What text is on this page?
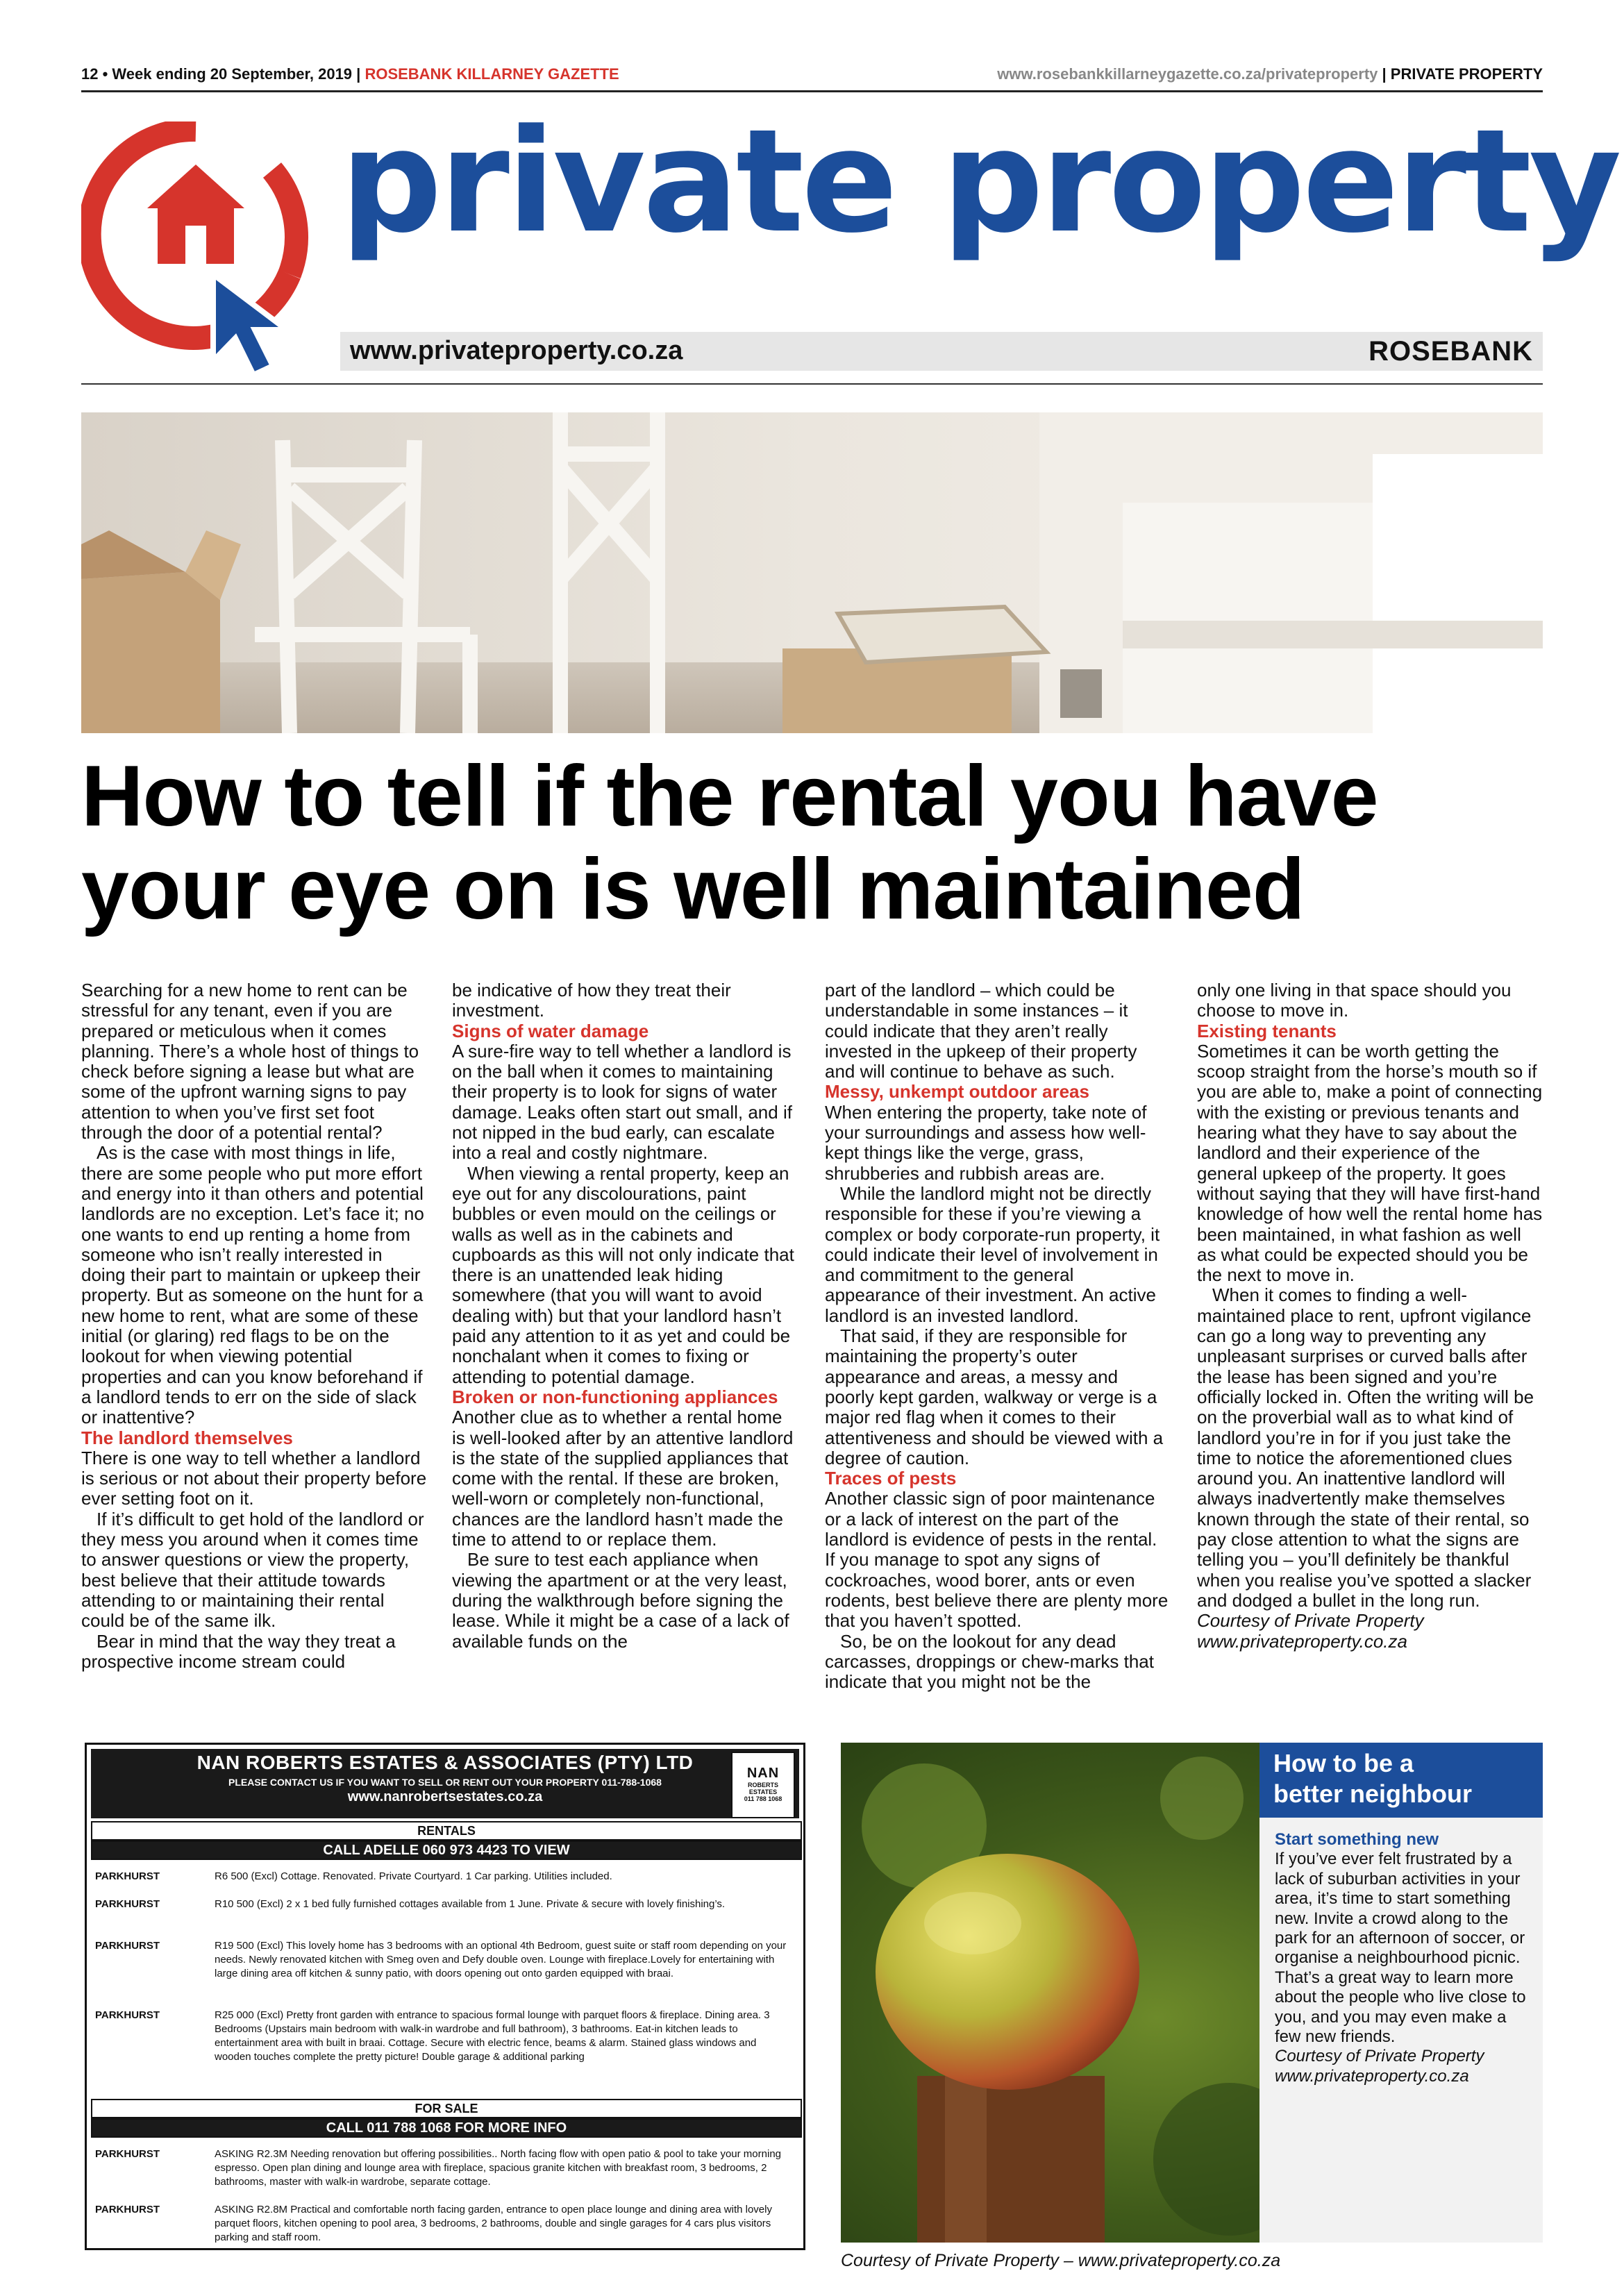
12 • Week ending 20 September, 2019 | ROSEBANK KILLARNEY GAZETTE	www.rosebankkillarneygazette.co.za/privateproperty | PRIVATE PROPERTY
private property
www.privateproperty.co.za	ROSEBANK
How to tell if the rental you have
your eye on is well maintained

Searching for a new home to rent can be stressful for any tenant, even if you are prepared or meticulous when it comes planning. There’s a whole host of things to check before signing a lease but what are some of the upfront warning signs to pay attention to when you’ve first set foot through the door of a potential rental?

As is the case with most things in life, there are some people who put more effort and energy into it than others and potential landlords are no exception. Let’s face it; no one wants to end up renting a home from someone who isn’t really interested in doing their part to maintain or upkeep their property. But as someone on the hunt for a new home to rent, what are some of these initial (or glaring) red flags to be on the lookout for when viewing potential properties and can you know beforehand if a landlord tends to err on the side of slack or inattentive?

The landlord themselves

There is one way to tell whether a landlord is serious or not about their property before ever setting foot on it.

If it’s difficult to get hold of the landlord or they mess you around when it comes time to answer questions or view the property, best believe that their attitude towards attending to or maintaining their rental could be of the same ilk.

Bear in mind that the way they treat a prospective income stream could

be indicative of how they treat their investment.

Signs of water damage

A sure-fire way to tell whether a landlord is on the ball when it comes to maintaining their property is to look for signs of water damage. Leaks often start out small, and if not nipped in the bud early, can escalate into a real and costly nightmare.

When viewing a rental property, keep an eye out for any discolourations, paint bubbles or even mould on the ceilings or walls as well as in the cabinets and cupboards as this will not only indicate that there is an unattended leak hiding somewhere (that you will want to avoid dealing with) but that your landlord hasn’t paid any attention to it as yet and could be nonchalant when it comes to fixing or attending to potential damage.

Broken or non-functioning appliances

Another clue as to whether a rental home is well-looked after by an attentive landlord is the state of the supplied appliances that come with the rental. If these are broken, well-worn or completely non-functional, chances are the landlord hasn’t made the time to attend to or replace them.

Be sure to test each appliance when viewing the apartment or at the very least, during the walkthrough before signing the lease. While it might be a case of a lack of available funds on the

part of the landlord – which could be understandable in some instances – it could indicate that they aren’t really invested in the upkeep of their property and will continue to behave as such.

Messy, unkempt outdoor areas

When entering the property, take note of your surroundings and assess how well-kept things like the verge, grass, shrubberies and rubbish areas are.

While the landlord might not be directly responsible for these if you’re viewing a complex or body corporate-run property, it could indicate their level of involvement in and commitment to the general appearance of their investment. An active landlord is an invested landlord.

That said, if they are responsible for maintaining the property’s outer appearance and areas, a messy and poorly kept garden, walkway or verge is a major red flag when it comes to their attentiveness and should be viewed with a degree of caution.

Traces of pests

Another classic sign of poor maintenance or a lack of interest on the part of the landlord is evidence of pests in the rental. If you manage to spot any signs of cockroaches, wood borer, ants or even rodents, best believe there are plenty more that you haven’t spotted.

So, be on the lookout for any dead carcasses, droppings or chew-marks that indicate that you might not be the

only one living in that space should you choose to move in.

Existing tenants

Sometimes it can be worth getting the scoop straight from the horse’s mouth so if you are able to, make a point of connecting with the existing or previous tenants and hearing what they have to say about the landlord and their experience of the general upkeep of the property. It goes without saying that they will have first-hand knowledge of how well the rental home has been maintained, in what fashion as well as what could be expected should you be the next to move in.

When it comes to finding a well-maintained place to rent, upfront vigilance can go a long way to preventing any unpleasant surprises or curved balls after the lease has been signed and you’re officially locked in. Often the writing will be on the proverbial wall as to what kind of landlord you’re in for if you just take the time to notice the aforementioned clues around you. An inattentive landlord will always inadvertently make themselves known through the state of their rental, so pay close attention to what the signs are telling you – you’ll definitely be thankful when you realise you’ve spotted a slacker and dodged a bullet in the long run.

Courtesy of Private Property

www.privateproperty.co.za

NAN ROBERTS ESTATES & ASSOCIATES (PTY) LTD
PLEASE CONTACT US IF YOU WANT TO SELL OR RENT OUT YOUR PROPERTY 011-788-1068
www.nanrobertsestates.co.za
NAN
ROBERTS
ESTATES
011 788 1068
RENTALS
CALL ADELLE 060 973 4423 TO VIEW
PARKHURST	R6 500 (Excl) Cottage. Renovated. Private Courtyard. 1 Car parking. Utilities included.
PARKHURST	R10 500 (Excl) 2 x 1 bed fully furnished cottages available from 1 June. Private & secure with lovely finishing’s.
PARKHURST	R19 500 (Excl) This lovely home has 3 bedrooms with an optional 4th Bedroom, guest suite or staff room depending on your needs. Newly renovated kitchen with Smeg oven and Defy double oven. Lounge with fireplace.Lovely for entertaining with large dining area off kitchen & sunny patio, with doors opening out onto garden equipped with braai.
PARKHURST	R25 000 (Excl) Pretty front garden with entrance to spacious formal lounge with parquet floors & fireplace. Dining area. 3 Bedrooms (Upstairs main bedroom with walk-in wardrobe and full bathroom), 3 bathrooms. Eat-in kitchen leads to entertainment area with built in braai. Cottage. Secure with electric fence, beams & alarm. Stained glass windows and wooden touches complete the pretty picture! Double garage & additional parking
FOR SALE
CALL 011 788 1068 FOR MORE INFO
PARKHURST	ASKING R2.3M Needing renovation but offering possibilities.. North facing flow with open patio & pool to take your morning espresso. Open plan dining and lounge area with fireplace, spacious granite kitchen with breakfast room, 3 bedrooms, 2 bathrooms, master with walk-in wardrobe, separate cottage.
PARKHURST	ASKING R2.8M Practical and comfortable north facing garden, entrance to open place lounge and dining area with lovely parquet floors, kitchen opening to pool area, 3 bedrooms, 2 bathrooms, double and single garages for 4 cars plus visitors parking and staff room.
How to be a
better neighbour
Start something new
If you’ve ever felt frustrated by a lack of suburban activities in your area, it’s time to start something new. Invite a crowd along to the park for an afternoon of soccer, or organise a neighbourhood picnic. That’s a great way to learn more about the people who live close to you, and you may even make a few new friends.
Courtesy of Private Property
www.privateproperty.co.za
Courtesy of Private Property – www.privateproperty.co.za
